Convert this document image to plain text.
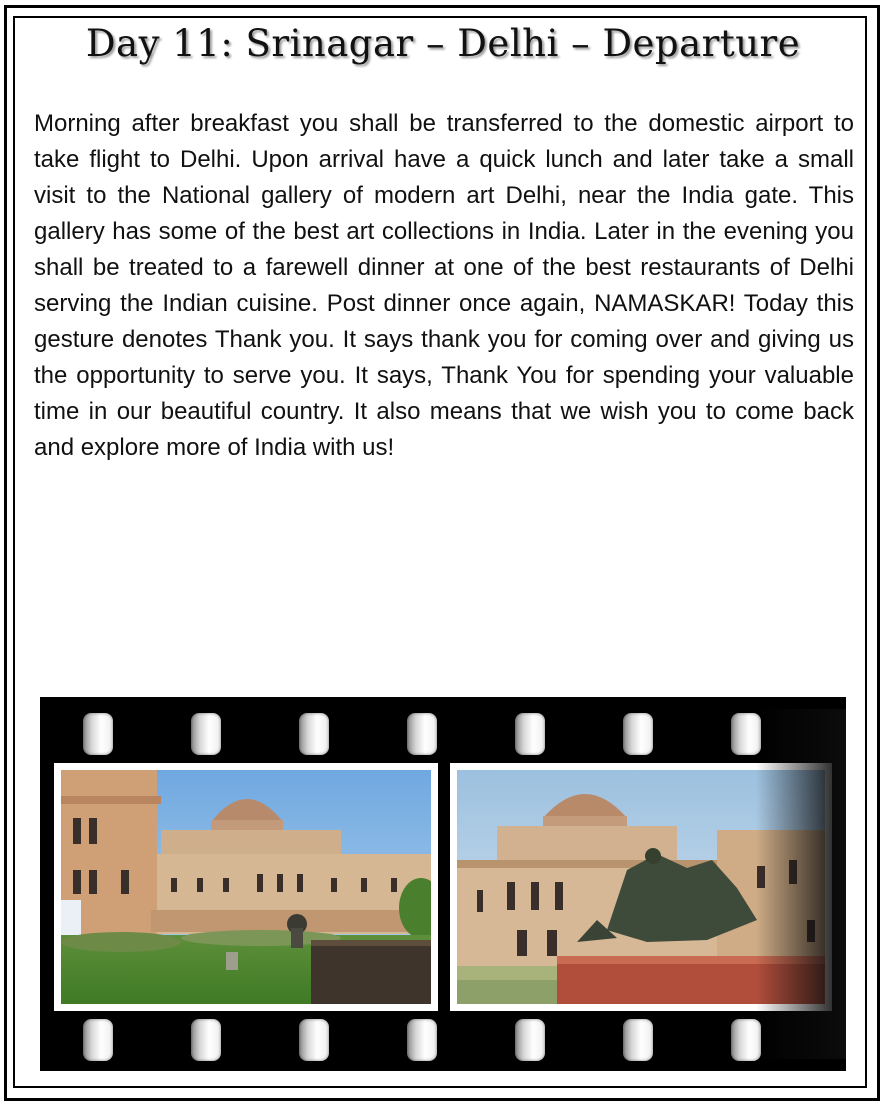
Day 11: Srinagar – Delhi – Departure

Morning after breakfast you shall be transferred to the domestic airport to take flight to Delhi. Upon arrival have a quick lunch and later take a small visit to the National gallery of modern art Delhi, near the India gate. This gallery has some of the best art collections in India. Later in the evening you shall be treated to a farewell dinner at one of the best restaurants of Delhi serving the Indian cuisine. Post dinner once again, NAMASKAR! Today this gesture denotes Thank you. It says thank you for coming over and giving us the opportunity to serve you. It says, Thank You for spending your valuable time in our beautiful country. It also means that we wish you to come back and explore more of India with us!
